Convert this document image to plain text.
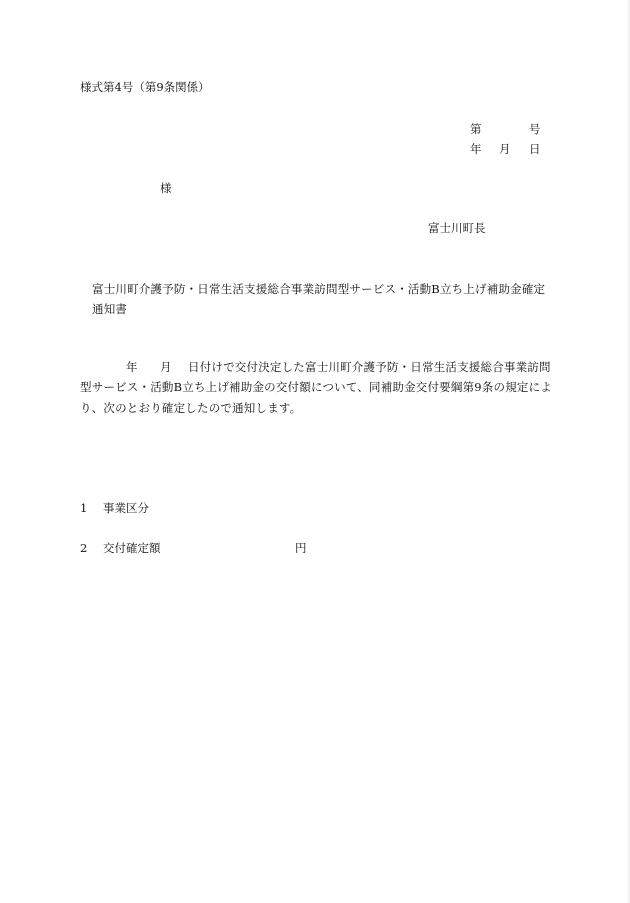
様式第4号（第9条関係）
第	号
年 月 日
様
富士川町長
富士川町介護予防・日常生活支援総合事業訪問型サービス・活動B立ち上げ補助金確定
通知書
年 月 日付けで交付決定した富士川町介護予防・日常生活支援総合事業訪問
型サービス・活動B立ち上げ補助金の交付額について、同補助金交付要綱第9条の規定によ
り、次のとおり確定したので通知します。
1 事業区分
2 交付確定額	円
